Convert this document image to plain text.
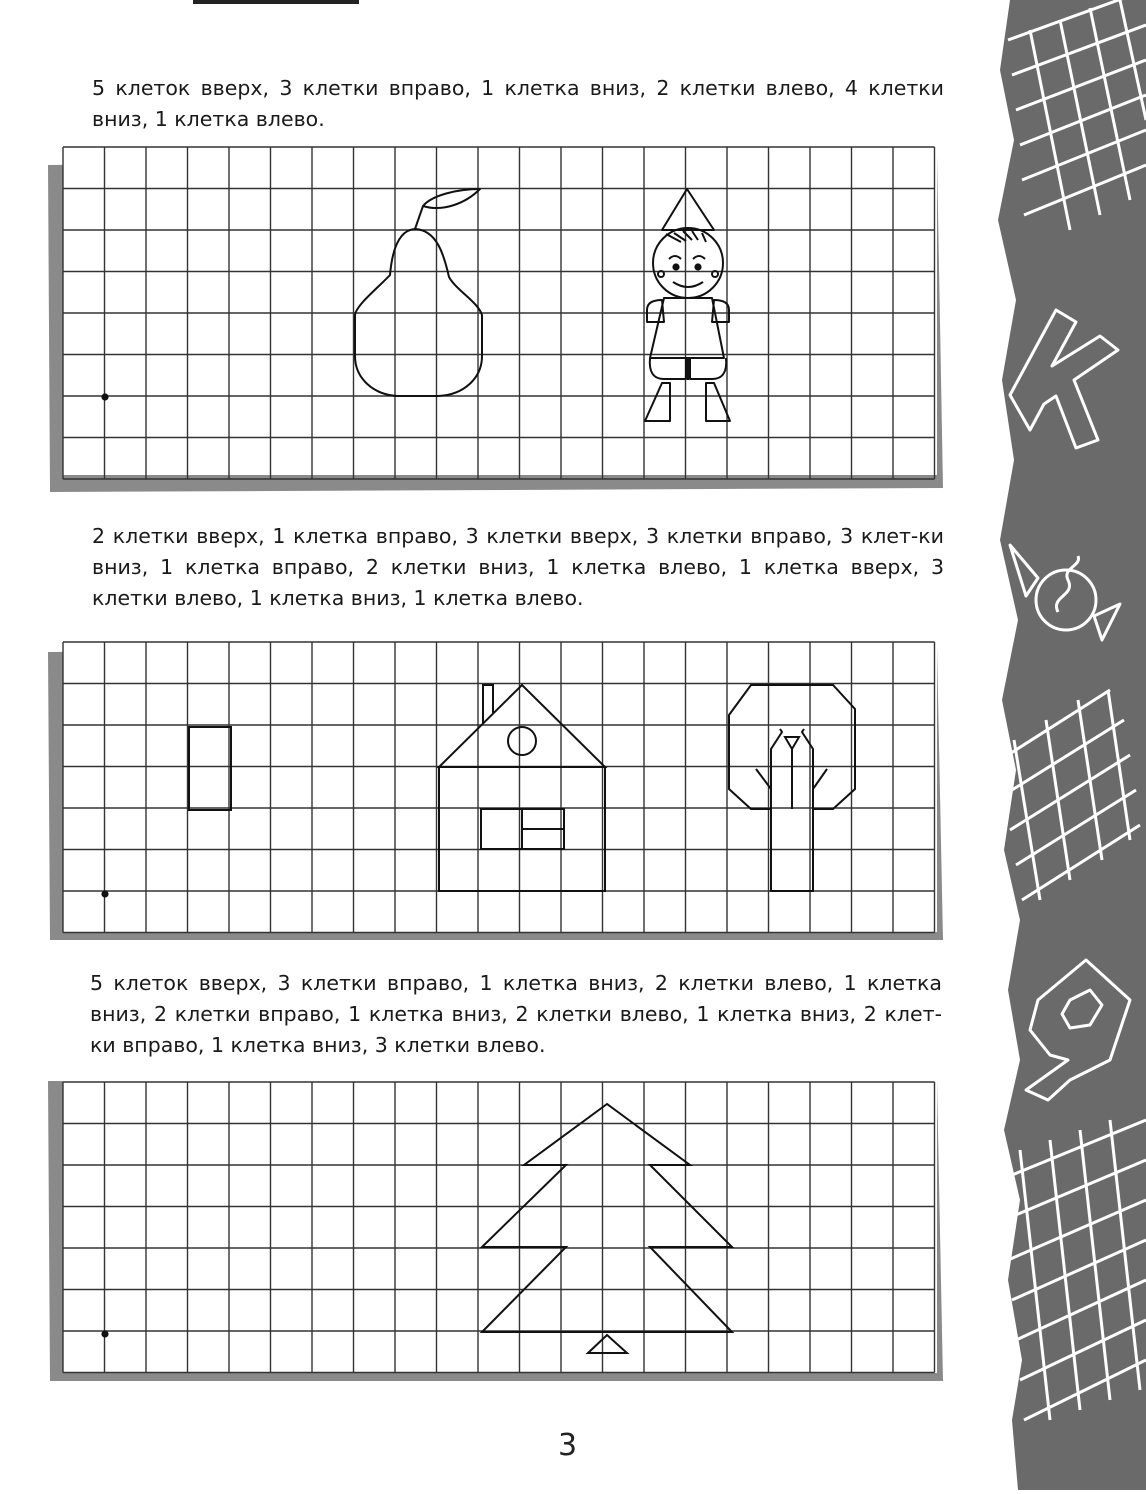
5 клеток вверх, 3 клетки вправо, 1 клетка вниз, 2 клетки влево, 4 клетки вниз, 1 клетка влево.

2 клетки вверх, 1 клетка вправо, 3 клетки вверх, 3 клетки вправо, 3 клет-ки вниз, 1 клетка вправо, 2 клетки вниз, 1 клетка влево, 1 клетка вверх, 3 клетки влево, 1 клетка вниз, 1 клетка влево.

5 клеток вверх, 3 клетки вправо, 1 клетка вниз, 2 клетки влево, 1 клетка вниз, 2 клетки вправо, 1 клетка вниз, 2 клетки влево, 1 клетка вниз, 2 клет-ки вправо, 1 клетка вниз, 3 клетки влево.

3
